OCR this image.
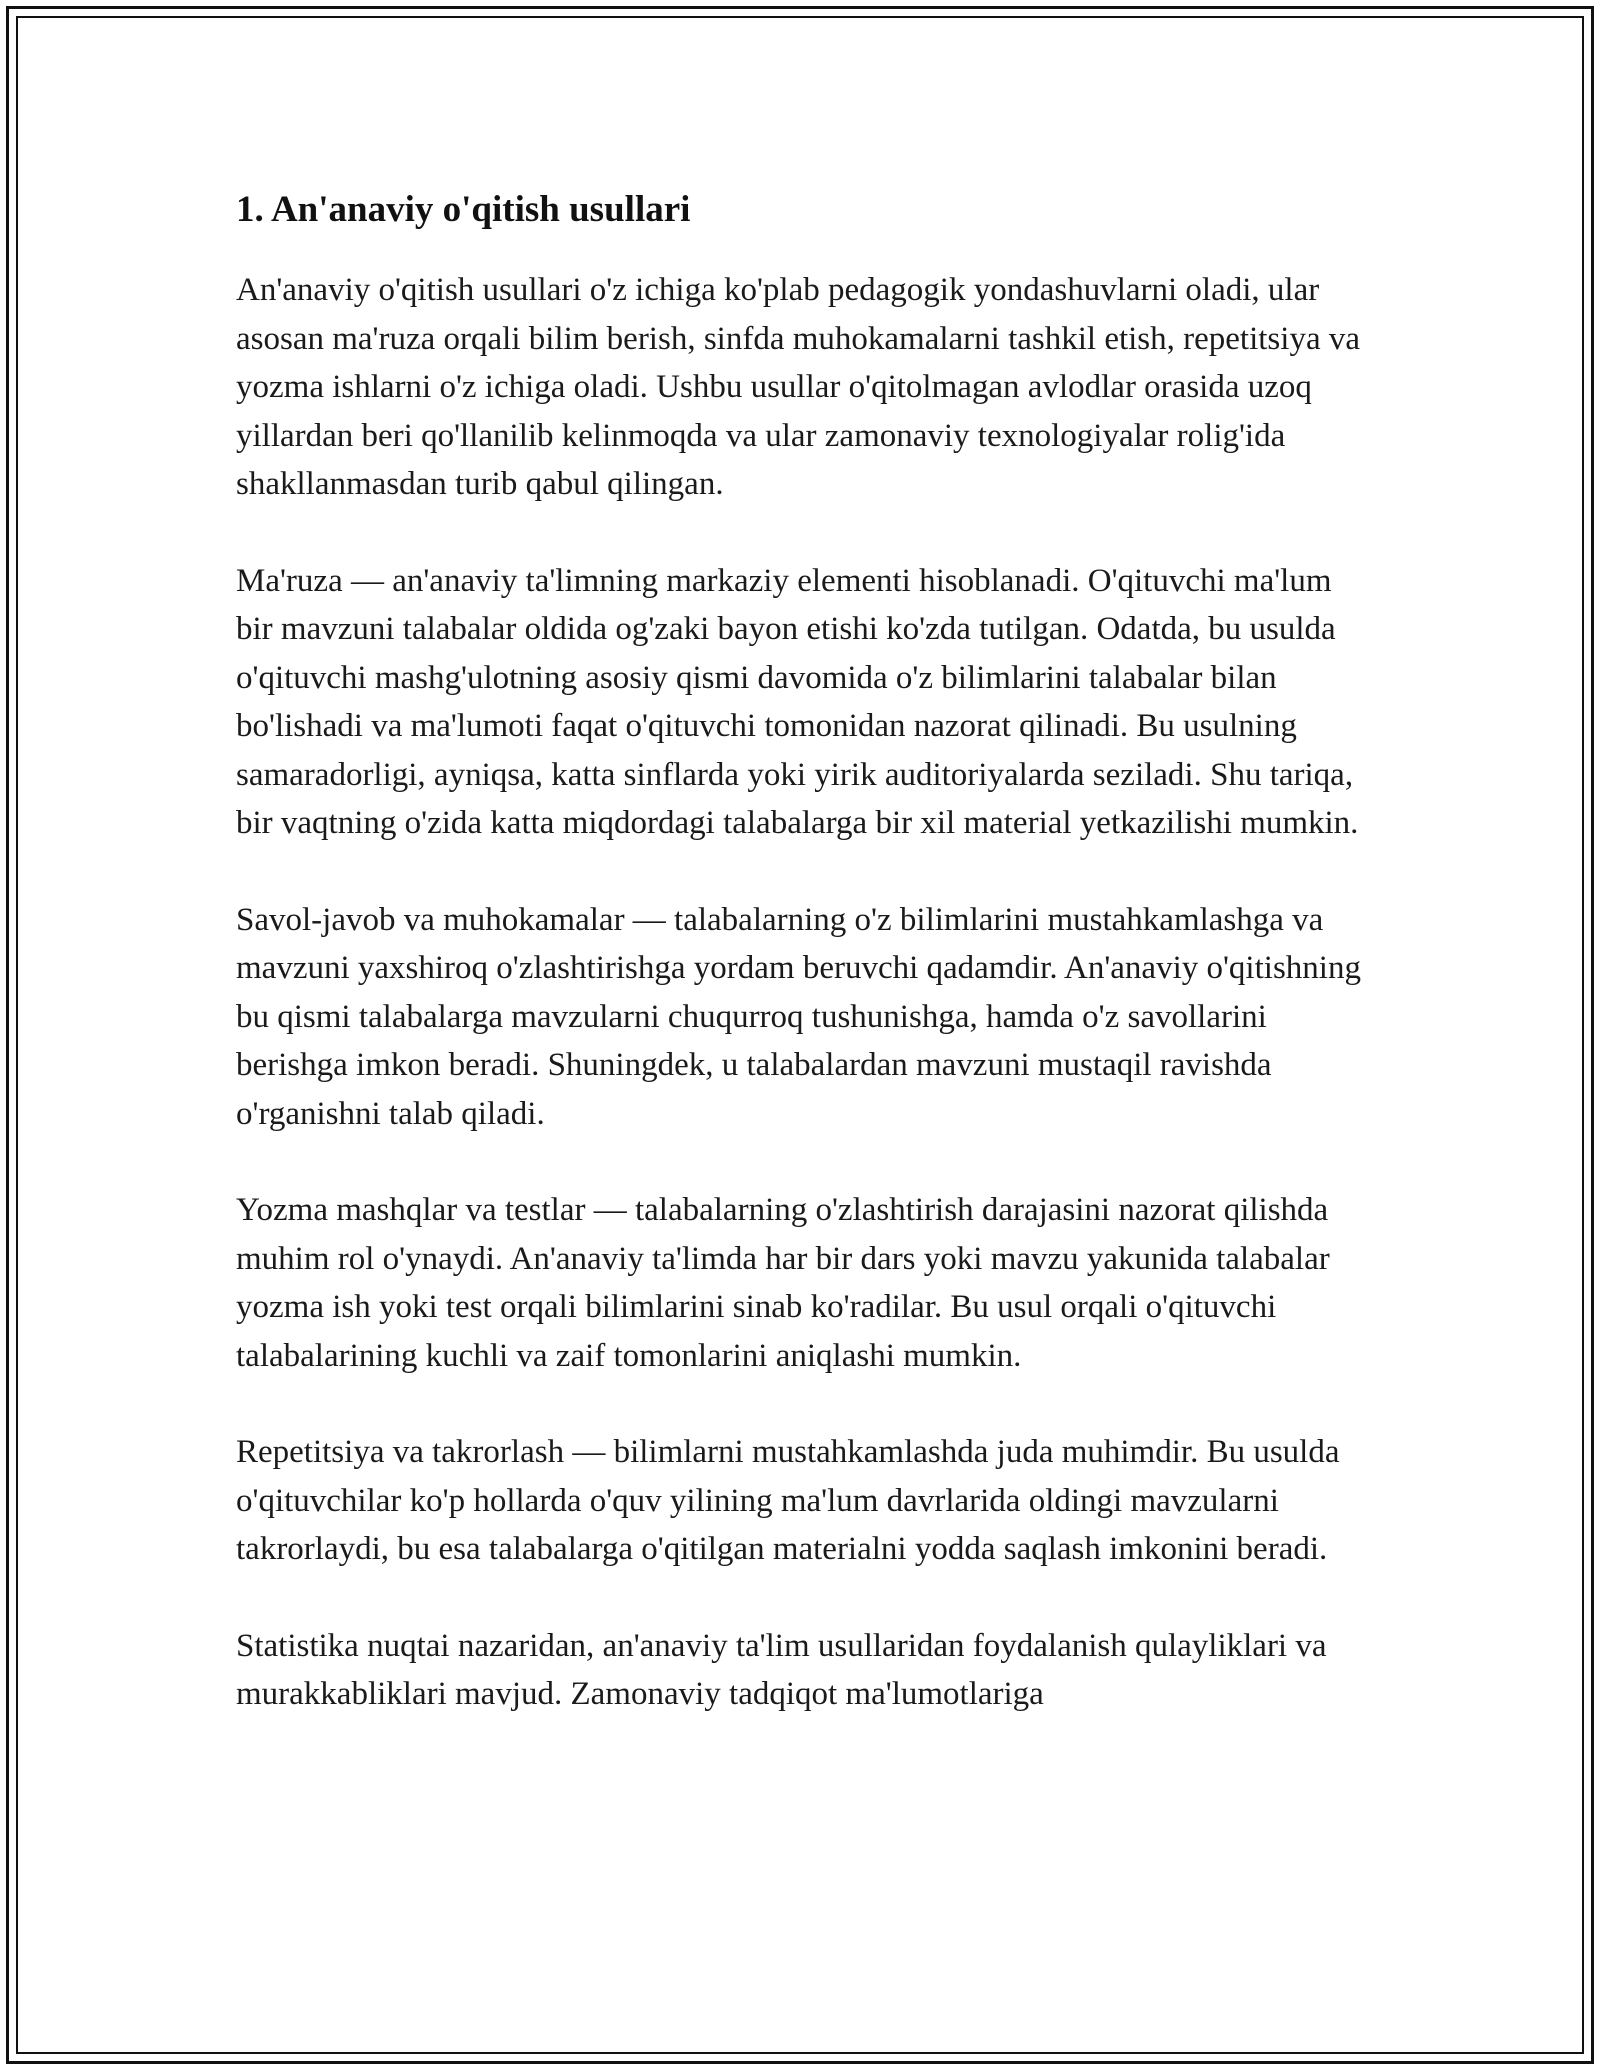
1. An'anaviy o'qitish usullari

An'anaviy o'qitish usullari o'z ichiga ko'plab pedagogik yondashuvlarni oladi, ular asosan ma'ruza orqali bilim berish, sinfda muhokamalarni tashkil etish, repetitsiya va yozma ishlarni o'z ichiga oladi. Ushbu usullar o'qitolmagan avlodlar orasida uzoq yillardan beri qo'llanilib kelinmoqda va ular zamonaviy texnologiyalar rolig'ida shakllanmasdan turib qabul qilingan.

Ma'ruza — an'anaviy ta'limning markaziy elementi hisoblanadi. O'qituvchi ma'lum bir mavzuni talabalar oldida og'zaki bayon etishi ko'zda tutilgan. Odatda, bu usulda o'qituvchi mashg'ulotning asosiy qismi davomida o'z bilimlarini talabalar bilan bo'lishadi va ma'lumoti faqat o'qituvchi tomonidan nazorat qilinadi. Bu usulning samaradorligi, ayniqsa, katta sinflarda yoki yirik auditoriyalarda seziladi. Shu tariqa, bir vaqtning o'zida katta miqdordagi talabalarga bir xil material yetkazilishi mumkin.

Savol-javob va muhokamalar — talabalarning o'z bilimlarini mustahkamlashga va mavzuni yaxshiroq o'zlashtirishga yordam beruvchi qadamdir. An'anaviy o'qitishning bu qismi talabalarga mavzularni chuqurroq tushunishga, hamda o'z savollarini berishga imkon beradi. Shuningdek, u talabalardan mavzuni mustaqil ravishda o'rganishni talab qiladi.

Yozma mashqlar va testlar — talabalarning o'zlashtirish darajasini nazorat qilishda muhim rol o'ynaydi. An'anaviy ta'limda har bir dars yoki mavzu yakunida talabalar yozma ish yoki test orqali bilimlarini sinab ko'radilar. Bu usul orqali o'qituvchi talabalarining kuchli va zaif tomonlarini aniqlashi mumkin.

Repetitsiya va takrorlash — bilimlarni mustahkamlashda juda muhimdir. Bu usulda o'qituvchilar ko'p hollarda o'quv yilining ma'lum davrlarida oldingi mavzularni takrorlaydi, bu esa talabalarga o'qitilgan materialni yodda saqlash imkonini beradi.

Statistika nuqtai nazaridan, an'anaviy ta'lim usullaridan foydalanish qulayliklari va murakkabliklari mavjud. Zamonaviy tadqiqot ma'lumotlariga
